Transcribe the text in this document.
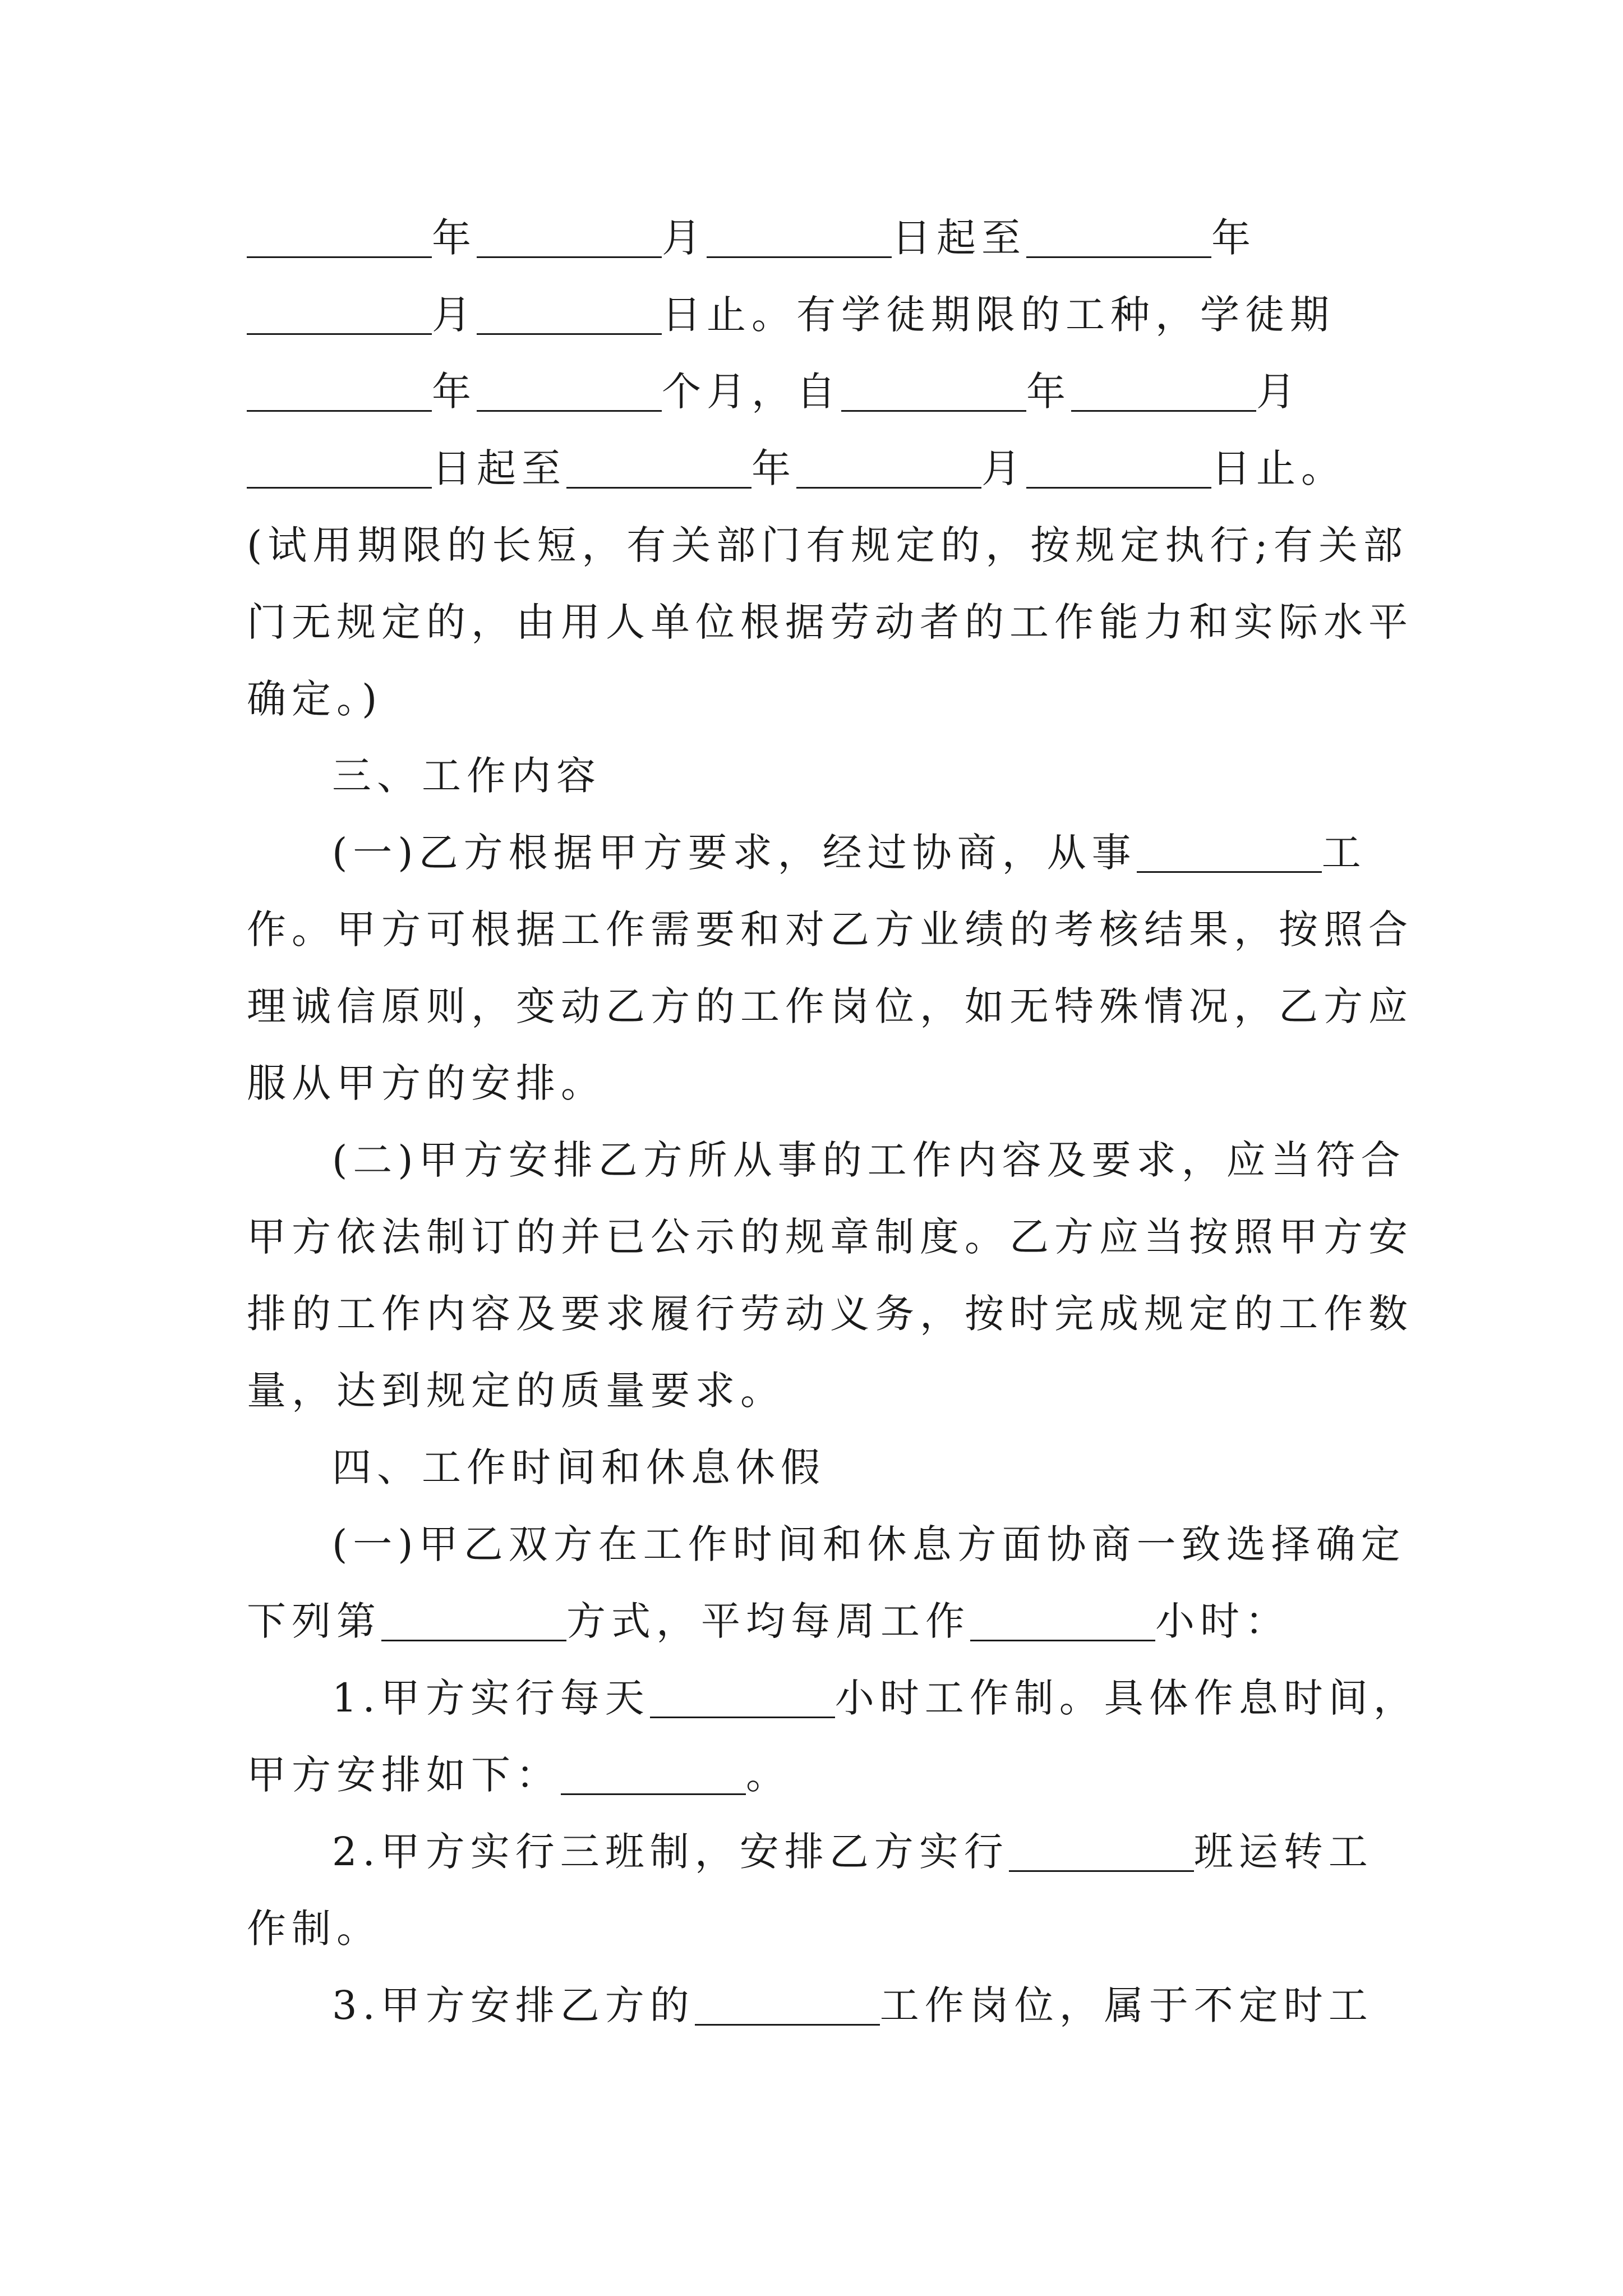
年	月	日起至	年
月	日止。有学徒期限的工种，学徒期
年	个月，自	年	月
日起至	年	月	日止。
(试用期限的长短，有关部门有规定的，按规定执行;有关部
门无规定的，由用人单位根据劳动者的工作能力和实际水平
确定。)
三、工作内容
(一)乙方根据甲方要求，经过协商，从事	工
作。甲方可根据工作需要和对乙方业绩的考核结果，按照合
理诚信原则，变动乙方的工作岗位，如无特殊情况，乙方应
服从甲方的安排。
(二)甲方安排乙方所从事的工作内容及要求，应当符合
甲方依法制订的并已公示的规章制度。乙方应当按照甲方安
排的工作内容及要求履行劳动义务，按时完成规定的工作数
量，达到规定的质量要求。
四、工作时间和休息休假
(一)甲乙双方在工作时间和休息方面协商一致选择确定
下列第	方式，平均每周工作	小时：
1.甲方实行每天	小时工作制。具体作息时间，
甲方安排如下：	。
2.甲方实行三班制，安排乙方实行	班运转工
作制。
3.甲方安排乙方的	工作岗位，属于不定时工
